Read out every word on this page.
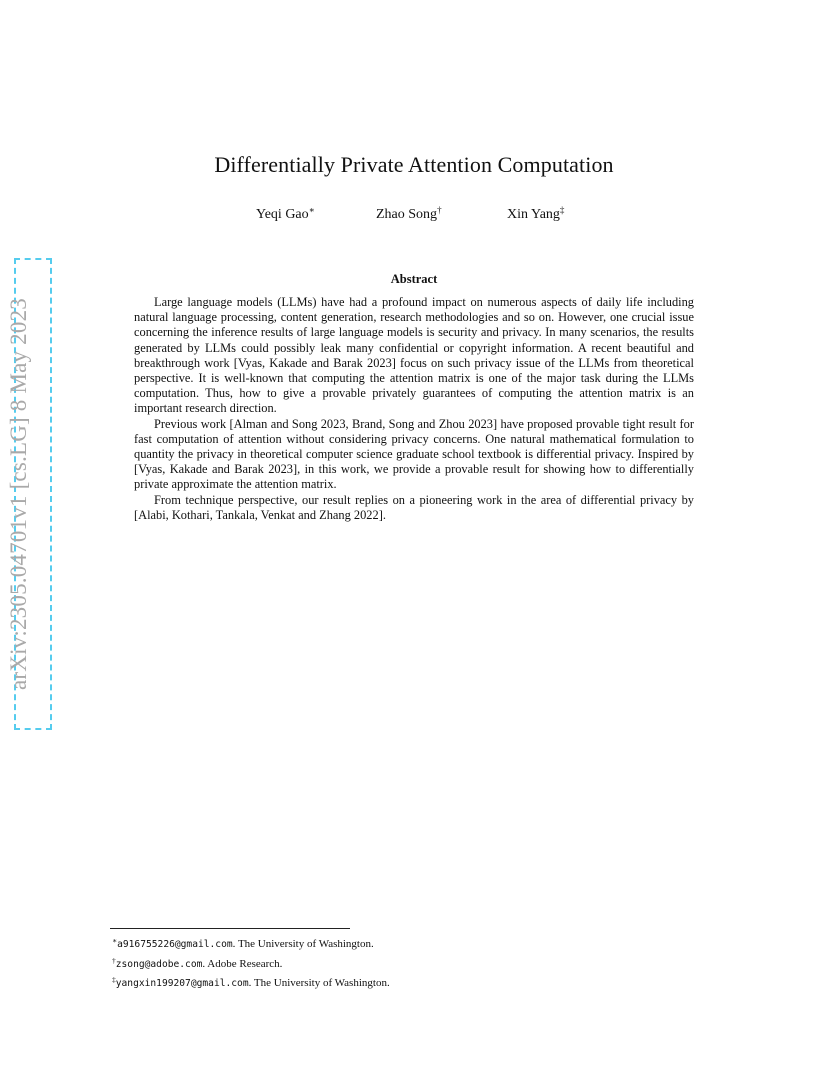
arXiv:2305.04701v1 [cs.LG] 8 May 2023
Differentially Private Attention Computation
Yeqi Gao∗	Zhao Song†	Xin Yang‡
Abstract

Large language models (LLMs) have had a profound impact on numerous aspects of daily life including natural language processing, content generation, research methodologies and so on. However, one crucial issue concerning the inference results of large language models is security and privacy. In many scenarios, the results generated by LLMs could possibly leak many confidential or copyright information. A recent beautiful and breakthrough work [Vyas, Kakade and Barak 2023] focus on such privacy issue of the LLMs from theoretical perspective. It is well-known that computing the attention matrix is one of the major task during the LLMs computation. Thus, how to give a provable privately guarantees of computing the attention matrix is an important research direction.

Previous work [Alman and Song 2023, Brand, Song and Zhou 2023] have proposed provable tight result for fast computation of attention without considering privacy concerns. One natural mathematical formulation to quantity the privacy in theoretical computer science graduate school textbook is differential privacy. Inspired by [Vyas, Kakade and Barak 2023], in this work, we provide a provable result for showing how to differentially private approximate the attention matrix.

From technique perspective, our result replies on a pioneering work in the area of differential privacy by [Alabi, Kothari, Tankala, Venkat and Zhang 2022].

∗a916755226@gmail.com. The University of Washington.
†zsong@adobe.com. Adobe Research.
‡yangxin199207@gmail.com. The University of Washington.
